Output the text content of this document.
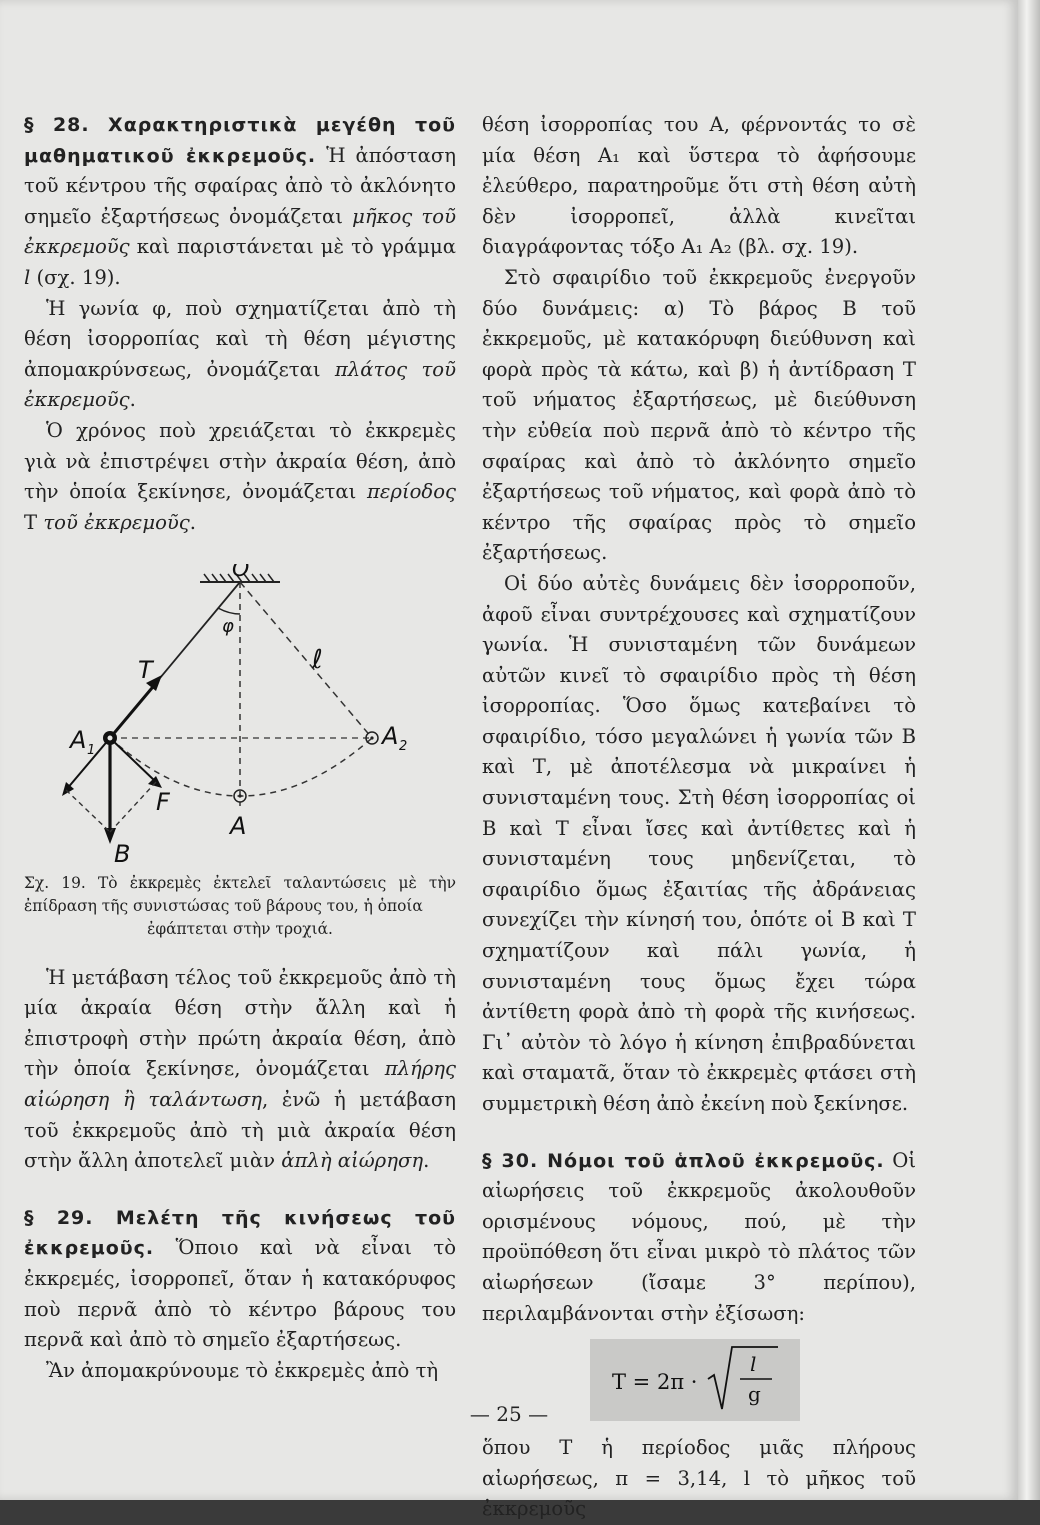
§ 28. Χαρακτηριστικὰ μεγέθη τοῦ μαθηματικοῦ ἐκκρεμοῦς. Ἡ ἀπόσταση τοῦ κέντρου τῆς σφαίρας ἀπὸ τὸ ἀκλόνητο σημεῖο ἐξαρτήσεως ὀνομάζεται μῆκος τοῦ ἐκκρεμοῦς καὶ παριστάνεται μὲ τὸ γράμμα l (σχ. 19).

Ἡ γωνία φ, ποὺ σχηματίζεται ἀπὸ τὴ θέση ἰσορροπίας καὶ τὴ θέση μέγιστης ἀπομακρύνσεως, ὀνομάζεται πλάτος τοῦ ἐκκρεμοῦς.

Ὁ χρόνος ποὺ χρειάζεται τὸ ἐκκρεμὲς γιὰ νὰ ἐπιστρέψει στὴν ἀκραία θέση, ἀπὸ τὴν ὁποία ξεκίνησε, ὀνομάζεται περίοδος Τ τοῦ ἐκκρεμοῦς.

O
φ
ℓ
T
A 1
A 2
F
A
B
Σχ. 19. Τὸ ἐκκρεμὲς ἐκτελεῖ ταλαντώσεις μὲ τὴν ἐπίδραση τῆς συνιστώσας τοῦ βάρους του, ἡ ὁποία
ἐφάπτεται στὴν τροχιά.

Ἡ μετάβαση τέλος τοῦ ἐκκρεμοῦς ἀπὸ τὴ μία ἀκραία θέση στὴν ἄλλη καὶ ἡ ἐπιστροφὴ στὴν πρώτη ἀκραία θέση, ἀπὸ τὴν ὁποία ξεκίνησε, ὀνομάζεται πλήρης αἰώρηση ἢ ταλάντωση, ἐνῶ ἡ μετάβαση τοῦ ἐκκρεμοῦς ἀπὸ τὴ μιὰ ἀκραία θέση στὴν ἄλλη ἀποτελεῖ μιὰν ἁπλὴ αἰώρηση.

§ 29. Μελέτη τῆς κινήσεως τοῦ ἐκκρεμοῦς. Ὅποιο καὶ νὰ εἶναι τὸ ἐκκρεμές, ἰσορροπεῖ, ὅταν ἡ κατακόρυφος ποὺ περνᾶ ἀπὸ τὸ κέντρο βάρους του περνᾶ καὶ ἀπὸ τὸ σημεῖο ἐξαρτήσεως.

Ἂν ἀπομακρύνουμε τὸ ἐκκρεμὲς ἀπὸ τὴ

θέση ἰσορροπίας του Α, φέρνοντάς το σὲ μία θέση Α₁ καὶ ὕστερα τὸ ἀφήσουμε ἐλεύθερο, παρατηροῦμε ὅτι στὴ θέση αὐτὴ δὲν ἰσορροπεῖ, ἀλλὰ κινεῖται διαγράφοντας τόξο Α₁ Α₂ (βλ. σχ. 19).

Στὸ σφαιρίδιο τοῦ ἐκκρεμοῦς ἐνεργοῦν δύο δυνάμεις: α) Τὸ βάρος Β τοῦ ἐκκρεμοῦς, μὲ κατακόρυφη διεύθυνση καὶ φορὰ πρὸς τὰ κάτω, καὶ β) ἡ ἀντίδραση Τ τοῦ νήματος ἐξαρτήσεως, μὲ διεύθυνση τὴν εὐθεία ποὺ περνᾶ ἀπὸ τὸ κέντρο τῆς σφαίρας καὶ ἀπὸ τὸ ἀκλόνητο σημεῖο ἐξαρτήσεως τοῦ νήματος, καὶ φορὰ ἀπὸ τὸ κέντρο τῆς σφαίρας πρὸς τὸ σημεῖο ἐξαρτήσεως.

Οἱ δύο αὐτὲς δυνάμεις δὲν ἰσορροποῦν, ἀφοῦ εἶναι συντρέχουσες καὶ σχηματίζουν γωνία. Ἡ συνισταμένη τῶν δυνάμεων αὐτῶν κινεῖ τὸ σφαιρίδιο πρὸς τὴ θέση ἰσορροπίας. Ὅσο ὅμως κατεβαίνει τὸ σφαιρίδιο, τόσο μεγαλώνει ἡ γωνία τῶν Β καὶ Τ, μὲ ἀποτέλεσμα νὰ μικραίνει ἡ συνισταμένη τους. Στὴ θέση ἰσορροπίας οἱ Β καὶ Τ εἶναι ἴσες καὶ ἀντίθετες καὶ ἡ συνισταμένη τους μηδενίζεται, τὸ σφαιρίδιο ὅμως ἐξαιτίας τῆς ἀδράνειας συνεχίζει τὴν κίνησή του, ὁπότε οἱ Β καὶ Τ σχηματίζουν καὶ πάλι γωνία, ἡ συνισταμένη τους ὅμως ἔχει τώρα ἀντίθετη φορὰ ἀπὸ τὴ φορὰ τῆς κινήσεως. Γι᾿ αὐτὸν τὸ λόγο ἡ κίνηση ἐπιβραδύνεται καὶ σταματᾶ, ὅταν τὸ ἐκκρεμὲς φτάσει στὴ συμμετρικὴ θέση ἀπὸ ἐκείνη ποὺ ξεκίνησε.

§ 30. Νόμοι τοῦ ἁπλοῦ ἐκκρεμοῦς. Οἱ αἰωρήσεις τοῦ ἐκκρεμοῦς ἀκολουθοῦν ορισμένους νόμους, πού, μὲ τὴν προϋπόθεση ὅτι εἶναι μικρὸ τὸ πλάτος τῶν αἰωρήσεων (ἴσαμε 3° περίπου), περιλαμβάνονται στὴν ἐξίσωση:

T = 2π ·
l
g

ὅπου Τ ἡ περίοδος μιᾶς πλήρους αἰωρήσεως, π = 3,14, l τὸ μῆκος τοῦ ἐκκρεμοῦς

— 25 —
